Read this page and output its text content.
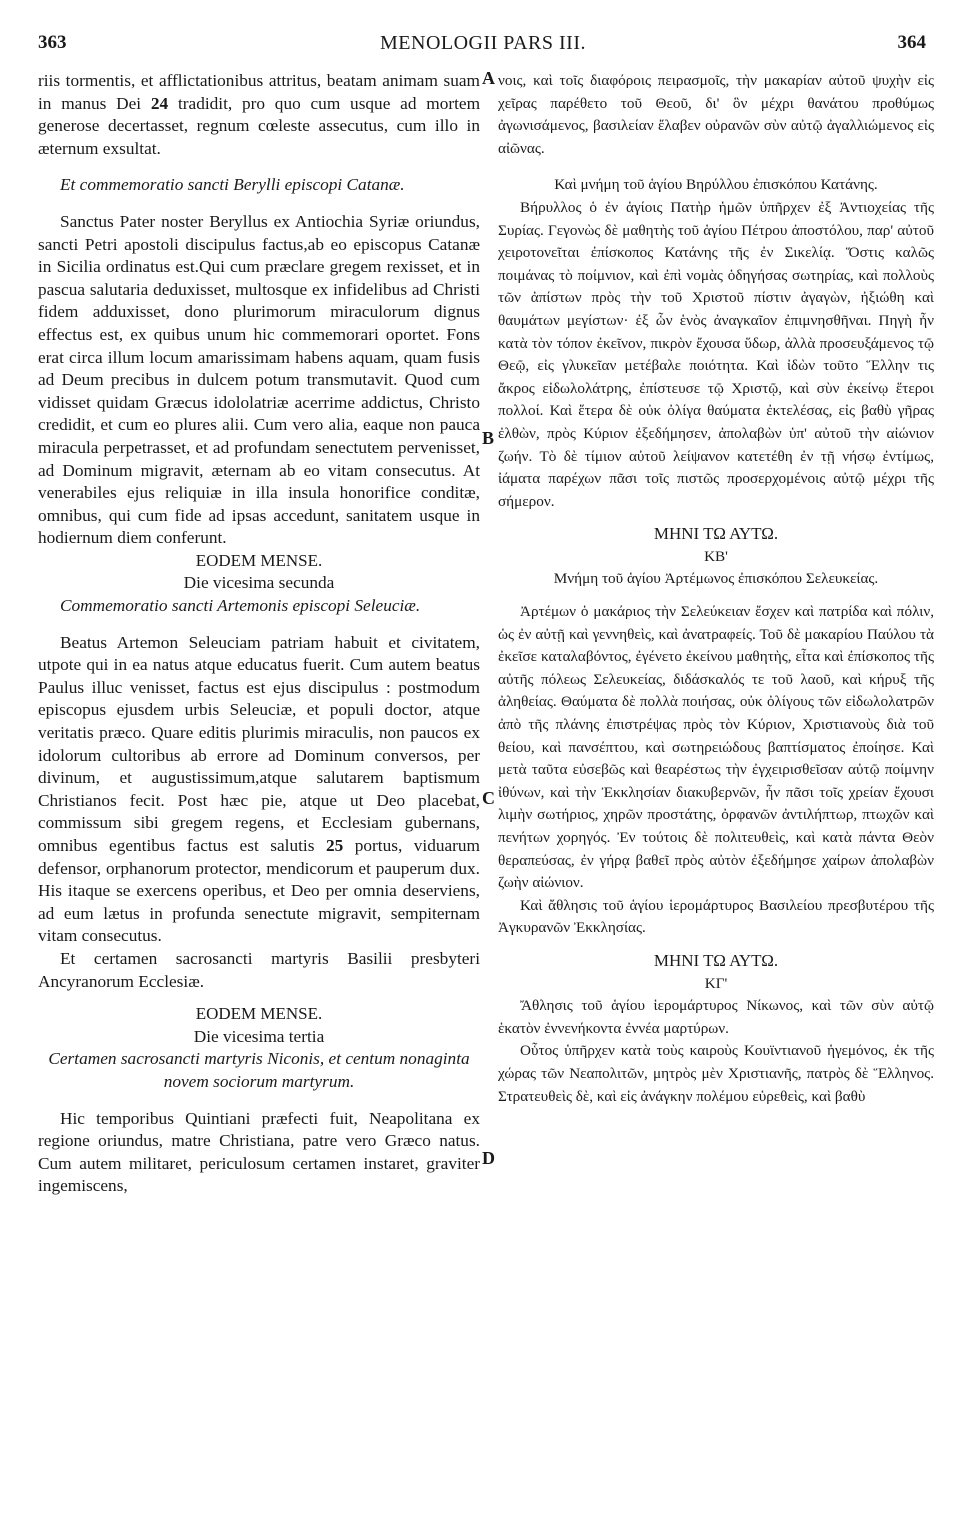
363	MENOLOGII PARS III.	364
A
B
C
D

riis tormentis, et afflictationibus attritus, beatam animam suam in manus Dei 24 tradidit, pro quo cum usque ad mortem generose decertasset, regnum cœleste assecutus, cum illo in æternum exsultat.

Et commemoratio sancti Berylli episcopi Catanæ.

Sanctus Pater noster Beryllus ex Antiochia Syriæ oriundus, sancti Petri apostoli discipulus factus,ab eo episcopus Catanæ in Sicilia ordinatus est.Qui cum præclare gregem rexisset, et in pascua salutaria deduxisset, multosque ex infidelibus ad Christi fidem adduxisset, dono plurimorum miraculorum dignus effectus est, ex quibus unum hic commemorari oportet. Fons erat circa illum locum amarissimam habens aquam, quam fusis ad Deum precibus in dulcem potum transmutavit. Quod cum vidisset quidam Græcus idololatriæ acerrime addictus, Christo credidit, et cum eo plures alii. Cum vero alia, eaque non pauca miracula perpetrasset, et ad profundam senectutem pervenisset, ad Dominum migravit, æternam ab eo vitam consecutus. At venerabiles ejus reliquiæ in illa insula honorifice conditæ, omnibus, qui cum fide ad ipsas accedunt, sanitatem usque in hodiernum diem conferunt.

EODEM MENSE.

Die vicesima secunda

Commemoratio sancti Artemonis episcopi Seleuciæ.

Beatus Artemon Seleuciam patriam habuit et civitatem, utpote qui in ea natus atque educatus fuerit. Cum autem beatus Paulus illuc venisset, factus est ejus discipulus : postmodum episcopus ejusdem urbis Seleuciæ, et populi doctor, atque veritatis præco. Quare editis plurimis miraculis, non paucos ex idolorum cultoribus ab errore ad Dominum conversos, per divinum, et augustissimum,atque salutarem baptismum Christianos fecit. Post hæc pie, atque ut Deo placebat, commissum sibi gregem regens, et Ecclesiam gubernans, omnibus egentibus factus est salutis 25 portus, viduarum defensor, orphanorum protector, mendicorum et pauperum dux. His itaque se exercens operibus, et Deo per omnia deserviens, ad eum lætus in profunda senectute migravit, sempiternam vitam consecutus.

Et certamen sacrosancti martyris Basilii presbyteri Ancyranorum Ecclesiæ.

EODEM MENSE.

Die vicesima tertia

Certamen sacrosancti martyris Niconis, et centum nonaginta novem sociorum martyrum.

Hic temporibus Quintiani præfecti fuit, Neapolitana ex regione oriundus, matre Christiana, patre vero Græco natus. Cum autem militaret, periculosum certamen instaret, graviter ingemiscens,

νοις, καὶ τοῖς διαφόροις πειρασμοῖς, τὴν μακαρίαν αὐτοῦ ψυχὴν εἰς χεῖρας παρέθετο τοῦ Θεοῦ, δι' ὃν μέχρι θανάτου προθύμως ἀγωνισάμενος, βασιλείαν ἔλαβεν οὐρανῶν σὺν αὐτῷ ἀγαλλιώμενος εἰς αἰῶνας.

Καὶ μνήμη τοῦ ἁγίου Βηρύλλου ἐπισκόπου Κατάνης.

Βήρυλλος ὁ ἐν ἁγίοις Πατὴρ ἡμῶν ὑπῆρχεν ἐξ Ἀντιοχείας τῆς Συρίας. Γεγονὼς δὲ μαθητὴς τοῦ ἁγίου Πέτρου ἀποστόλου, παρ' αὐτοῦ χειροτονεῖται ἐπίσκοπος Κατάνης τῆς ἐν Σικελίᾳ. Ὅστις καλῶς ποιμάνας τὸ ποίμνιον, καὶ ἐπὶ νομὰς ὁδηγήσας σωτηρίας, καὶ πολλοὺς τῶν ἀπίστων πρὸς τὴν τοῦ Χριστοῦ πίστιν ἀγαγὼν, ἠξιώθη καὶ θαυμάτων μεγίστων· ἐξ ὧν ἑνὸς ἀναγκαῖον ἐπιμνησθῆναι. Πηγὴ ἦν κατὰ τὸν τόπον ἐκεῖνον, πικρὸν ἔχουσα ὕδωρ, ἀλλὰ προσευξάμενος τῷ Θεῷ, εἰς γλυκεῖαν μετέβαλε ποιότητα. Καὶ ἰδὼν τοῦτο Ἕλλην τις ἄκρος εἰδωλολάτρης, ἐπίστευσε τῷ Χριστῷ, καὶ σὺν ἐκείνῳ ἕτεροι πολλοί. Καὶ ἕτερα δὲ οὐκ ὀλίγα θαύματα ἐκτελέσας, εἰς βαθὺ γῆρας ἐλθὼν, πρὸς Κύριον ἐξεδήμησεν, ἀπολαβὼν ὑπ' αὐτοῦ τὴν αἰώνιον ζωήν. Τὸ δὲ τίμιον αὐτοῦ λείψανον κατετέθη ἐν τῇ νήσῳ ἐντίμως, ἰάματα παρέχων πᾶσι τοῖς πιστῶς προσερχομένοις αὐτῷ μέχρι τῆς σήμερον.

ΜΗΝΙ ΤΩ ΑΥΤΩ.

ΚΒ'

Μνήμη τοῦ ἁγίου Ἀρτέμωνος ἐπισκόπου Σελευκείας.

Ἀρτέμων ὁ μακάριος τὴν Σελεύκειαν ἔσχεν καὶ πατρίδα καὶ πόλιν, ὡς ἐν αὐτῇ καὶ γεννηθεὶς, καὶ ἀνατραφείς. Τοῦ δὲ μακαρίου Παύλου τὰ ἐκεῖσε καταλαβόντος, ἐγένετο ἐκείνου μαθητὴς, εἶτα καὶ ἐπίσκοπος τῆς αὐτῆς πόλεως Σελευκείας, διδάσκαλός τε τοῦ λαοῦ, καὶ κήρυξ τῆς ἀληθείας. Θαύματα δὲ πολλὰ ποιήσας, οὐκ ὀλίγους τῶν εἰδωλολατρῶν ἀπὸ τῆς πλάνης ἐπιστρέψας πρὸς τὸν Κύριον, Χριστιανοὺς διὰ τοῦ θείου, καὶ πανσέπτου, καὶ σωτηρειώδους βαπτίσματος ἐποίησε. Καὶ μετὰ ταῦτα εὐσεβῶς καὶ θεαρέστως τὴν ἐγχειρισθεῖσαν αὐτῷ ποίμνην ἰθύνων, καὶ τὴν Ἐκκλησίαν διακυβερνῶν, ἦν πᾶσι τοῖς χρείαν ἔχουσι λιμὴν σωτήριος, χηρῶν προστάτης, ὀρφανῶν ἀντιλήπτωρ, πτωχῶν καὶ πενήτων χορηγός. Ἐν τούτοις δὲ πολιτευθεὶς, καὶ κατὰ πάντα Θεὸν θεραπεύσας, ἐν γήρᾳ βαθεῖ πρὸς αὐτὸν ἐξεδήμησε χαίρων ἀπολαβὼν ζωὴν αἰώνιον.

Καὶ ἄθλησις τοῦ ἁγίου ἱερομάρτυρος Βασιλείου πρεσβυτέρου τῆς Ἀγκυρανῶν Ἐκκλησίας.

ΜΗΝΙ ΤΩ ΑΥΤΩ.

ΚΓ'

Ἄθλησις τοῦ ἁγίου ἱερομάρτυρος Νίκωνος, καὶ τῶν σὺν αὐτῷ ἑκατὸν ἐννενήκοντα ἐννέα μαρτύρων.

Οὗτος ὑπῆρχεν κατὰ τοὺς καιροὺς Κουϊντιανοῦ ἡγεμόνος, ἐκ τῆς χώρας τῶν Νεαπολιτῶν, μητρὸς μὲν Χριστιανῆς, πατρὸς δὲ Ἕλληνος. Στρατευθεὶς δὲ, καὶ εἰς ἀνάγκην πολέμου εὑρεθεὶς, καὶ βαθὺ
